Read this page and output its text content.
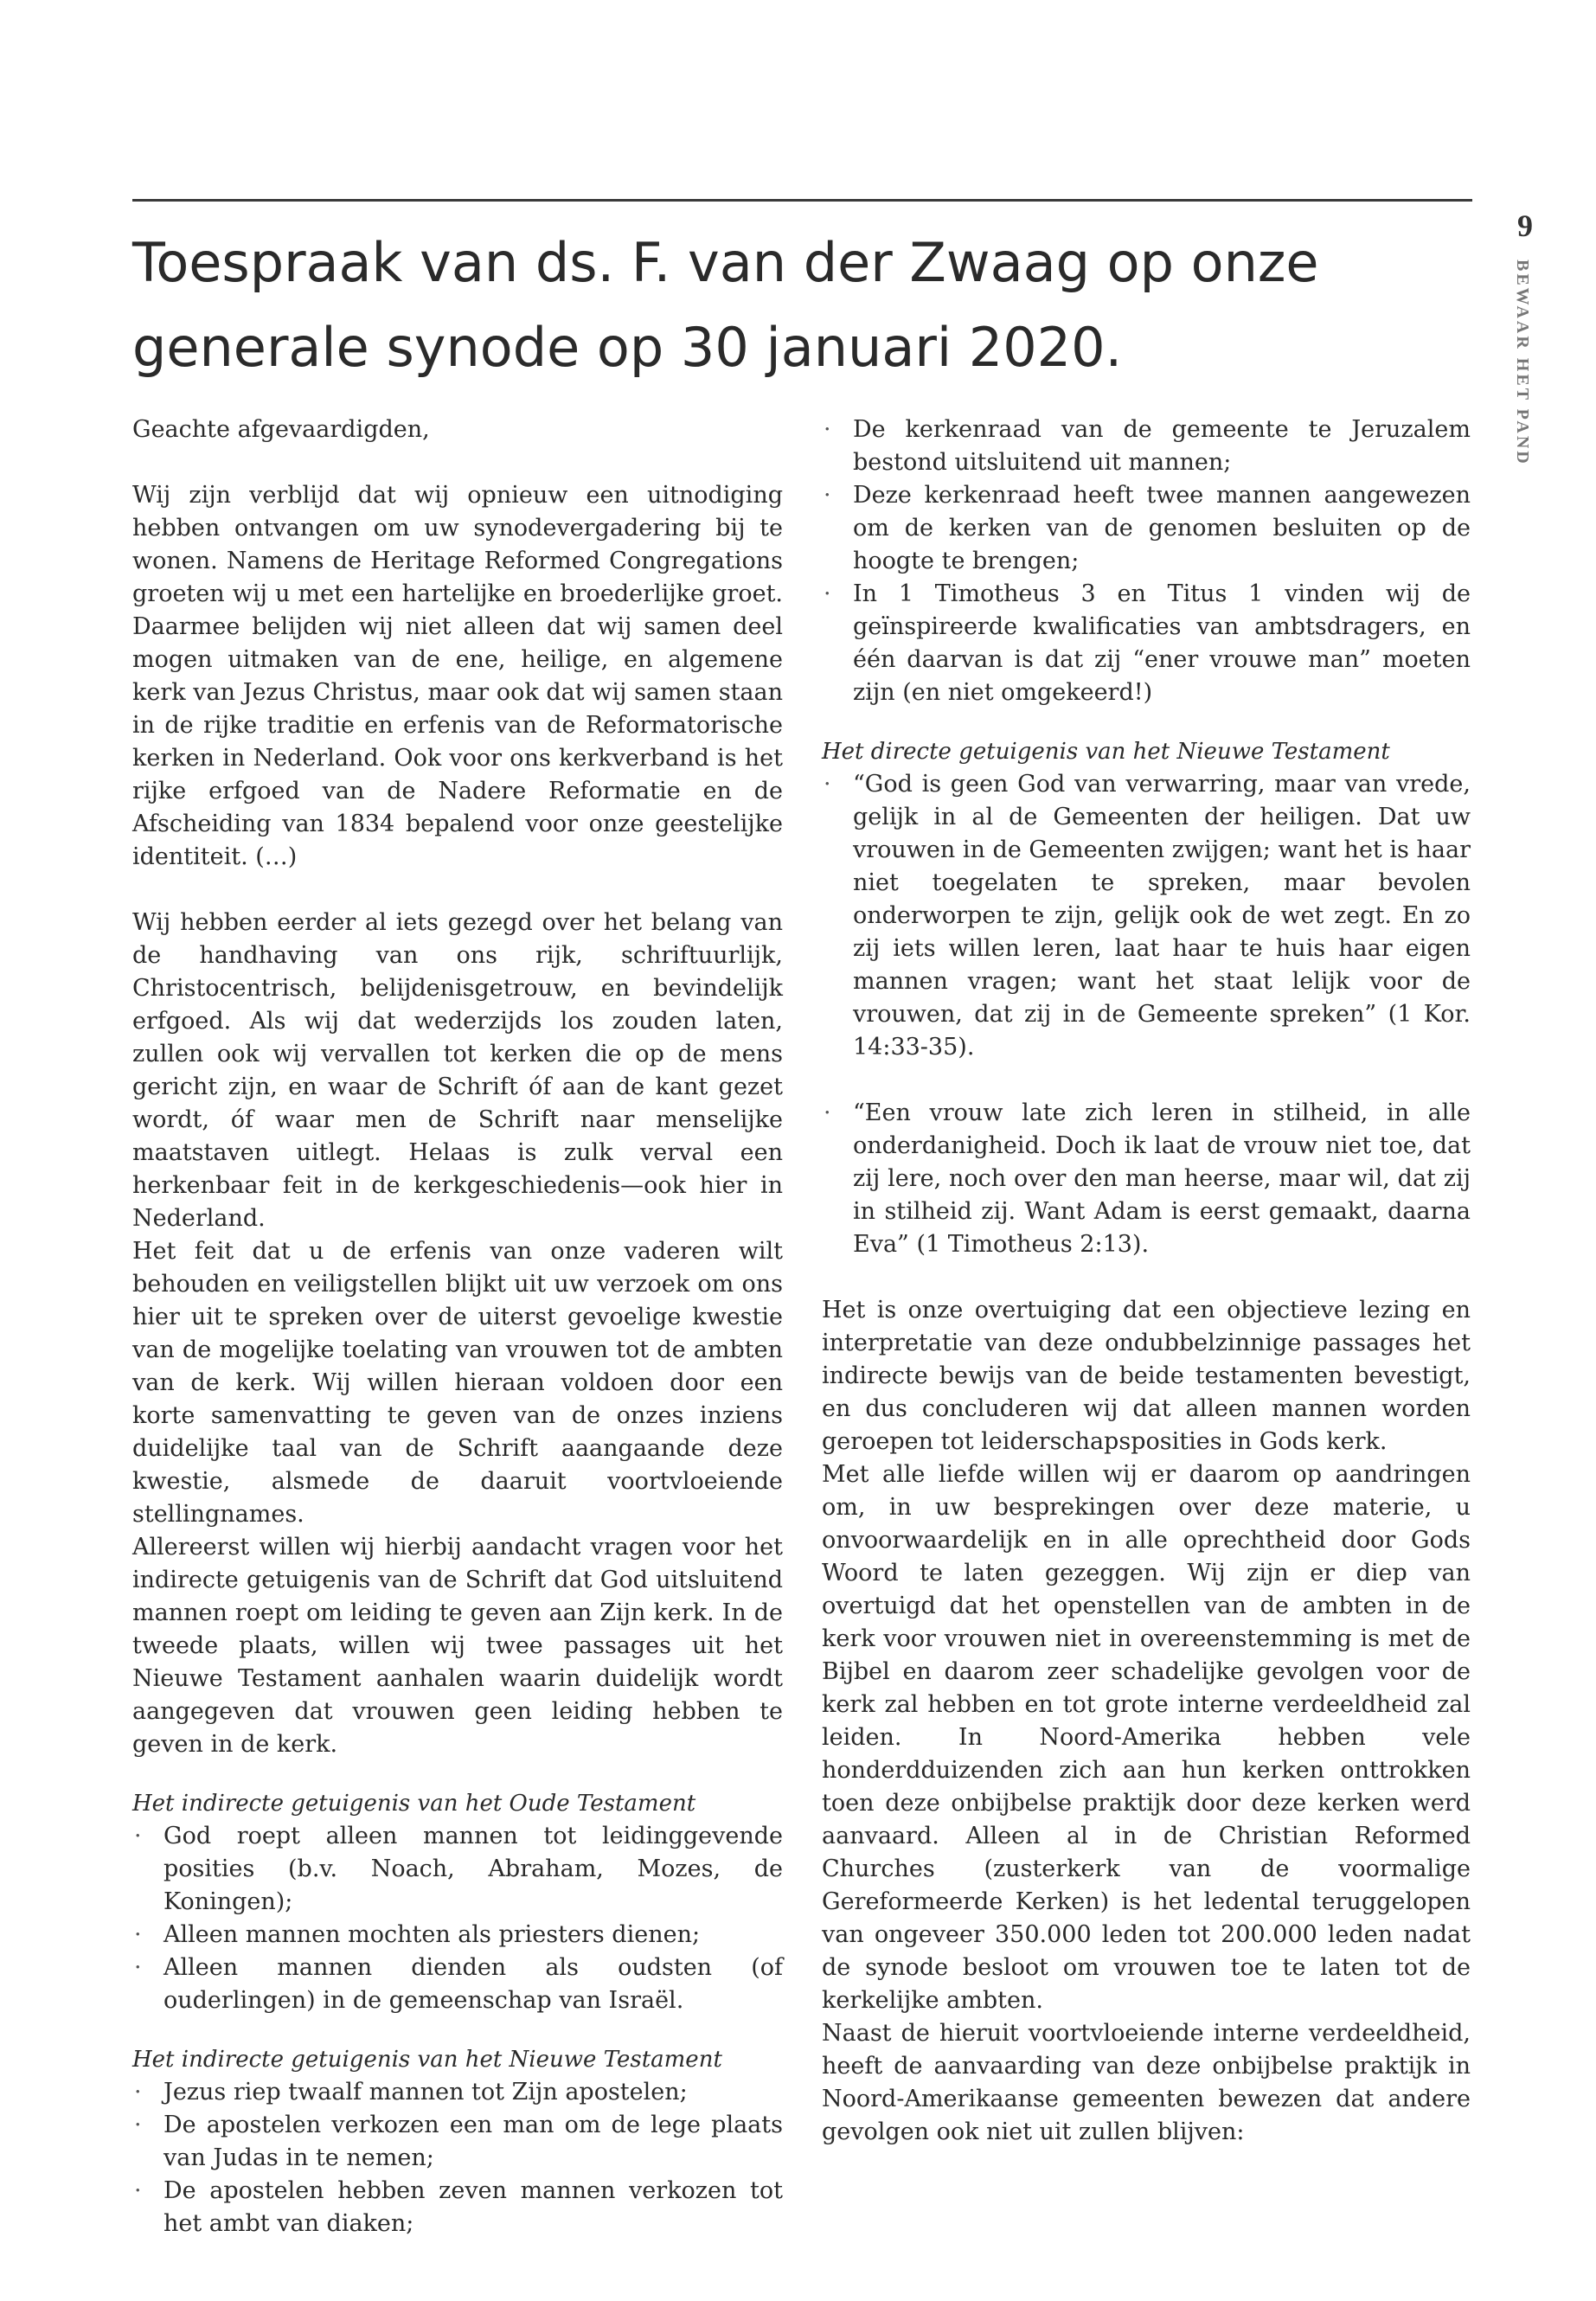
9
BEWAAR HET PAND
Toespraak van ds. F. van der Zwaag op onze generale synode op 30 januari 2020.

Geachte afgevaardigden,

Wij zijn verblijd dat wij opnieuw een uitnodiging hebben ontvangen om uw synodevergadering bij te wonen. Namens de Heritage Reformed Congregations groeten wij u met een hartelijke en broederlijke groet. Daarmee belijden wij niet alleen dat wij samen deel mogen uitmaken van de ene, heilige, en algemene kerk van Jezus Christus, maar ook dat wij samen staan in de rijke traditie en erfenis van de Reformatorische kerken in Nederland. Ook voor ons kerkverband is het rijke erfgoed van de Nadere Reformatie en de Afscheiding van 1834 bepalend voor onze geestelijke identiteit. (…)

Wij hebben eerder al iets gezegd over het belang van de handhaving van ons rijk, schriftuurlijk, Christocentrisch, belijdenisgetrouw, en bevindelijk erfgoed. Als wij dat wederzijds los zouden laten, zullen ook wij vervallen tot kerken die op de mens gericht zijn, en waar de Schrift óf aan de kant gezet wordt, óf waar men de Schrift naar menselijke maatstaven uitlegt. Helaas is zulk verval een herkenbaar feit in de kerkgeschiedenis—ook hier in Nederland.

Het feit dat u de erfenis van onze vaderen wilt behouden en veiligstellen blijkt uit uw verzoek om ons hier uit te spreken over de uiterst gevoelige kwestie van de mogelijke toelating van vrouwen tot de ambten van de kerk. Wij willen hieraan voldoen door een korte samenvatting te geven van de onzes inziens duidelijke taal van de Schrift aaangaande deze kwestie, alsmede de daaruit voortvloeiende stellingnames.

Allereerst willen wij hierbij aandacht vragen voor het indirecte getuigenis van de Schrift dat God uitsluitend mannen roept om leiding te geven aan Zijn kerk. In de tweede plaats, willen wij twee passages uit het Nieuwe Testament aanhalen waarin duidelijk wordt aangegeven dat vrouwen geen leiding hebben te geven in de kerk.

Het indirecte getuigenis van het Oude Testament

· God roept alleen mannen tot leidinggevende posities (b.v. Noach, Abraham, Mozes, de Koningen);
· Alleen mannen mochten als priesters dienen;
· Alleen mannen dienden als oudsten (of ouderlingen) in de gemeenschap van Israël.

Het indirecte getuigenis van het Nieuwe Testament

· Jezus riep twaalf mannen tot Zijn apostelen;
· De apostelen verkozen een man om de lege plaats van Judas in te nemen;
· De apostelen hebben zeven mannen verkozen tot het ambt van diaken;
· De kerkenraad van de gemeente te Jeruzalem bestond uitsluitend uit mannen;
· Deze kerkenraad heeft twee mannen aangewezen om de kerken van de genomen besluiten op de hoogte te brengen;
· In 1 Timotheus 3 en Titus 1 vinden wij de geïnspireerde kwalificaties van ambtsdragers, en één daarvan is dat zij “ener vrouwe man” moeten zijn (en niet omgekeerd!)

Het directe getuigenis van het Nieuwe Testament

· “God is geen God van verwarring, maar van vrede, gelijk in al de Gemeenten der heiligen. Dat uw vrouwen in de Gemeenten zwijgen; want het is haar niet toegelaten te spreken, maar bevolen onderworpen te zijn, gelijk ook de wet zegt. En zo zij iets willen leren, laat haar te huis haar eigen mannen vragen; want het staat lelijk voor de vrouwen, dat zij in de Gemeente spreken” (1 Kor. 14:33-35).
· “Een vrouw late zich leren in stilheid, in alle onderdanigheid. Doch ik laat de vrouw niet toe, dat zij lere, noch over den man heerse, maar wil, dat zij in stilheid zij. Want Adam is eerst gemaakt, daarna Eva” (1 Timotheus 2:13).

Het is onze overtuiging dat een objectieve lezing en interpretatie van deze ondubbelzinnige passages het indirecte bewijs van de beide testamenten bevestigt, en dus concluderen wij dat alleen mannen worden geroepen tot leiderschapsposities in Gods kerk.

Met alle liefde willen wij er daarom op aandringen om, in uw besprekingen over deze materie, u onvoorwaardelijk en in alle oprechtheid door Gods Woord te laten gezeggen. Wij zijn er diep van overtuigd dat het openstellen van de ambten in de kerk voor vrouwen niet in overeenstemming is met de Bijbel en daarom zeer schadelijke gevolgen voor de kerk zal hebben en tot grote interne verdeeldheid zal leiden. In Noord-Amerika hebben vele honderdduizenden zich aan hun kerken onttrokken toen deze onbijbelse praktijk door deze kerken werd aanvaard. Alleen al in de Christian Reformed Churches (zusterkerk van de voormalige Gereformeerde Kerken) is het ledental teruggelopen van ongeveer 350.000 leden tot 200.000 leden nadat de synode besloot om vrouwen toe te laten tot de kerkelijke ambten.

Naast de hieruit voortvloeiende interne verdeeldheid, heeft de aanvaarding van deze onbijbelse praktijk in Noord-Amerikaanse gemeenten bewezen dat andere gevolgen ook niet uit zullen blijven:
